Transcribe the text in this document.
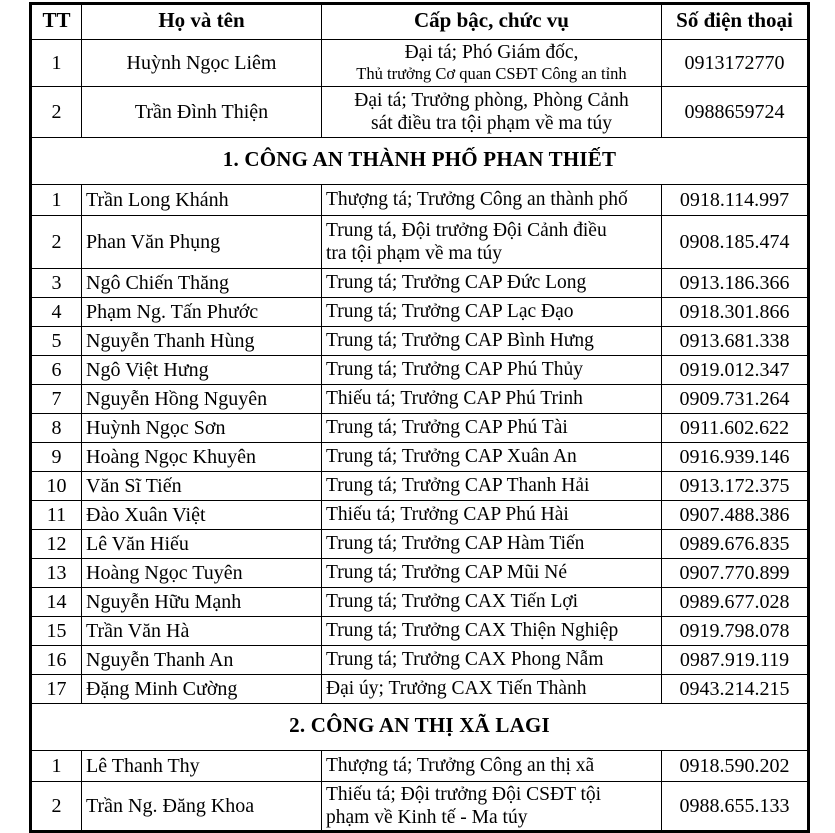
TT	Họ và tên	Cấp bậc, chức vụ	Số điện thoại
1	Huỳnh Ngọc Liêm	Đại tá; Phó Giám đốc,
Thủ trưởng Cơ quan CSĐT Công an tỉnh	0913172770
2	Trần Đình Thiện	Đại tá; Trưởng phòng, Phòng Cảnh
sát điều tra tội phạm về ma túy	0988659724
1. CÔNG AN THÀNH PHỐ PHAN THIẾT			
1	Trần Long Khánh	Thượng tá; Trưởng Công an thành phố	0918.114.997
2	Phan Văn Phụng	Trung tá, Đội trưởng Đội Cảnh điều
tra tội phạm về ma túy	0908.185.474
3	Ngô Chiến Thăng	Trung tá; Trưởng CAP Đức Long	0913.186.366
4	Phạm Ng. Tấn Phước	Trung tá; Trưởng CAP Lạc Đạo	0918.301.866
5	Nguyễn Thanh Hùng	Trung tá; Trưởng CAP Bình Hưng	0913.681.338
6	Ngô Việt Hưng	Trung tá; Trưởng CAP Phú Thủy	0919.012.347
7	Nguyễn Hồng Nguyên	Thiếu tá; Trưởng CAP Phú Trinh	0909.731.264
8	Huỳnh Ngọc Sơn	Trung tá; Trưởng CAP Phú Tài	0911.602.622
9	Hoàng Ngọc Khuyên	Trung tá; Trưởng CAP Xuân An	0916.939.146
10	Văn Sĩ Tiến	Trung tá; Trưởng CAP Thanh Hải	0913.172.375
11	Đào Xuân Việt	Thiếu tá; Trưởng CAP Phú Hài	0907.488.386
12	Lê Văn Hiếu	Trung tá; Trưởng CAP Hàm Tiến	0989.676.835
13	Hoàng Ngọc Tuyên	Trung tá; Trưởng CAP Mũi Né	0907.770.899
14	Nguyễn Hữu Mạnh	Trung tá; Trưởng CAX Tiến Lợi	0989.677.028
15	Trần Văn Hà	Trung tá; Trưởng CAX Thiện Nghiệp	0919.798.078
16	Nguyễn Thanh An	Trung tá; Trưởng CAX Phong Nẫm	0987.919.119
17	Đặng Minh Cường	Đại úy; Trưởng CAX Tiến Thành	0943.214.215
2. CÔNG AN THỊ XÃ LAGI			
1	Lê Thanh Thy	Thượng tá; Trưởng Công an thị xã	0918.590.202
2	Trần Ng. Đăng Khoa	Thiếu tá; Đội trưởng Đội CSĐT tội
phạm về Kinh tế - Ma túy	0988.655.133
